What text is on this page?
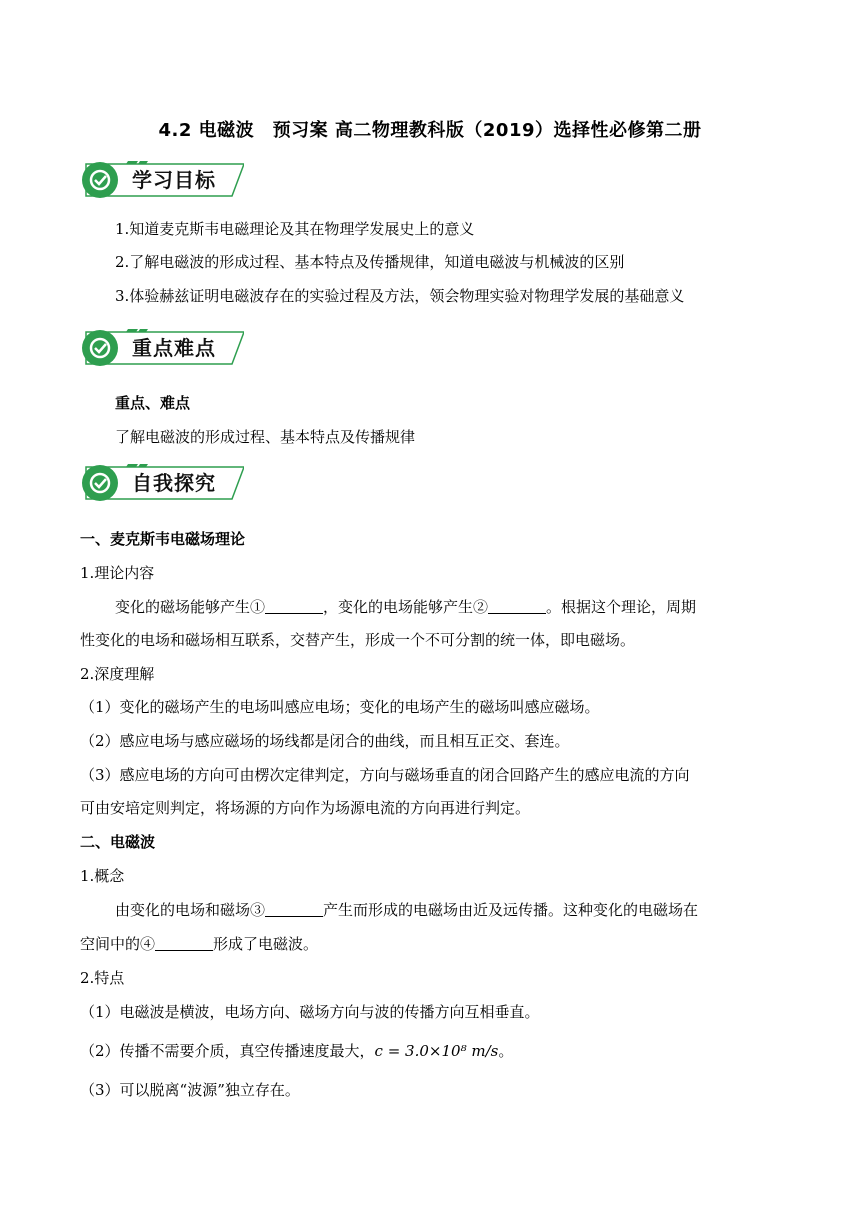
4.2 电磁波　预习案 高二物理教科版（2019）选择性必修第二册
学习目标
1.知道麦克斯韦电磁理论及其在物理学发展史上的意义
2.了解电磁波的形成过程、基本特点及传播规律，知道电磁波与机械波的区别
3.体验赫兹证明电磁波存在的实验过程及方法，领会物理实验对物理学发展的基础意义
重点难点
重点、难点
了解电磁波的形成过程、基本特点及传播规律
自我探究
一、麦克斯韦电磁场理论
1.理论内容
变化的磁场能够产生①	，变化的电场能够产生②	。根据这个理论，周期
性变化的电场和磁场相互联系，交替产生，形成一个不可分割的统一体，即电磁场。
2.深度理解
（1）变化的磁场产生的电场叫感应电场；变化的电场产生的磁场叫感应磁场。
（2）感应电场与感应磁场的场线都是闭合的曲线，而且相互正交、套连。
（3）感应电场的方向可由楞次定律判定，方向与磁场垂直的闭合回路产生的感应电流的方向
可由安培定则判定，将场源的方向作为场源电流的方向再进行判定。
二、电磁波
1.概念
由变化的电场和磁场③	产生而形成的电磁场由近及远传播。这种变化的电磁场在
空间中的④	形成了电磁波。
2.特点
（1）电磁波是横波，电场方向、磁场方向与波的传播方向互相垂直。
（2）传播不需要介质，真空传播速度最大，c = 3.0×10⁸ m/s。
（3）可以脱离“波源”独立存在。
